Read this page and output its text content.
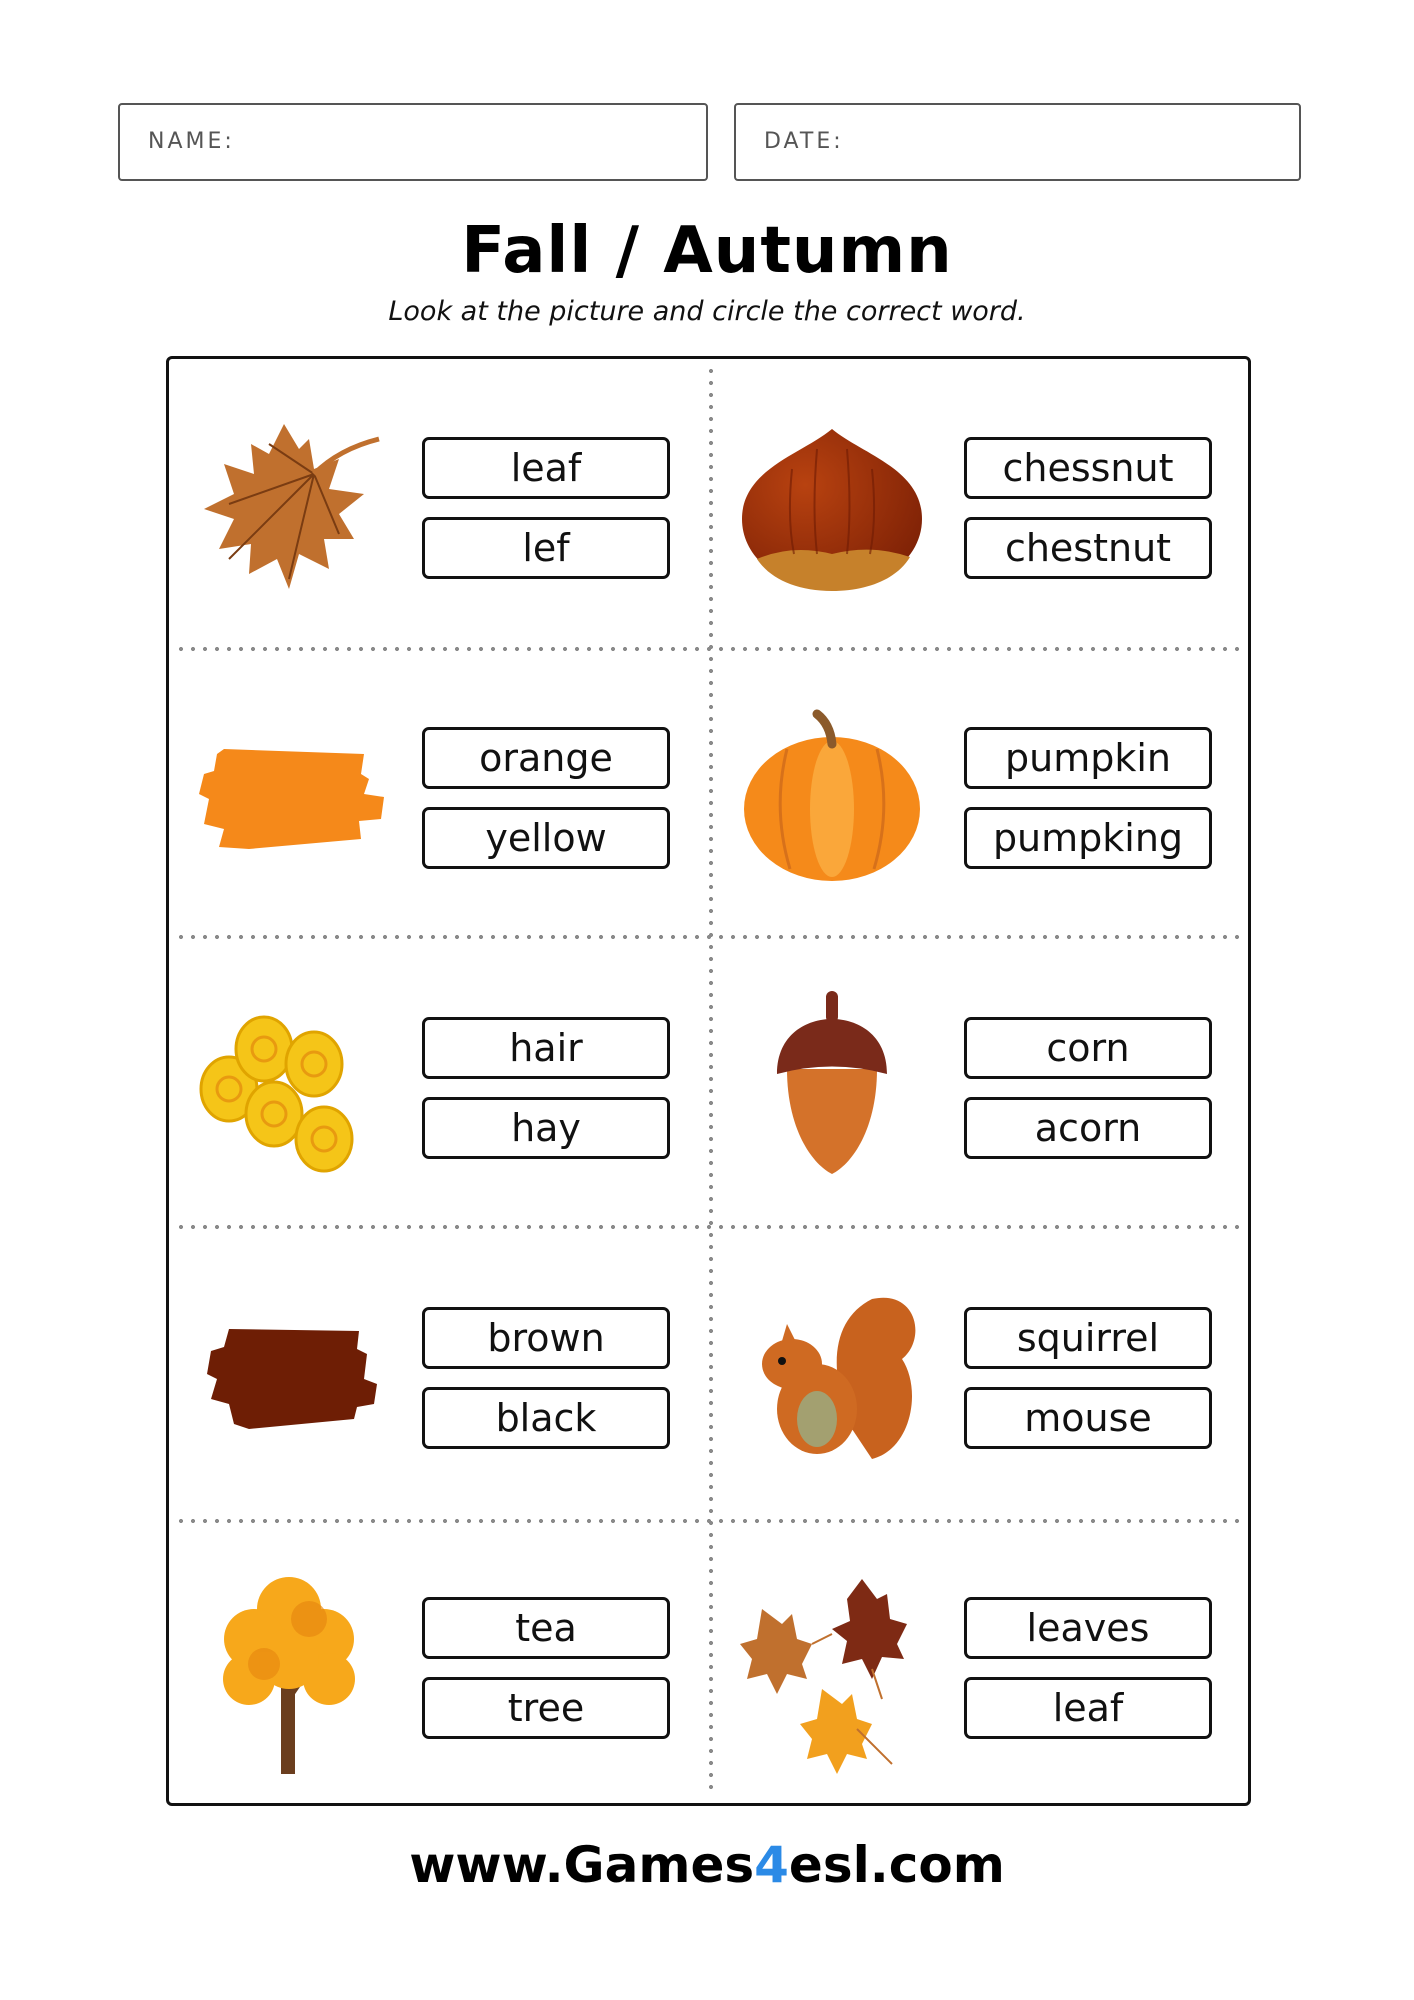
NAME:	DATE:
Fall / Autumn
Look at the picture and circle the correct word.
leaf
lef
chessnut
chestnut
orange
yellow
pumpkin
pumpking
hair
hay
corn
acorn
brown
black
squirrel
mouse
tea
tree
leaves
leaf
www.Games4esl.com
